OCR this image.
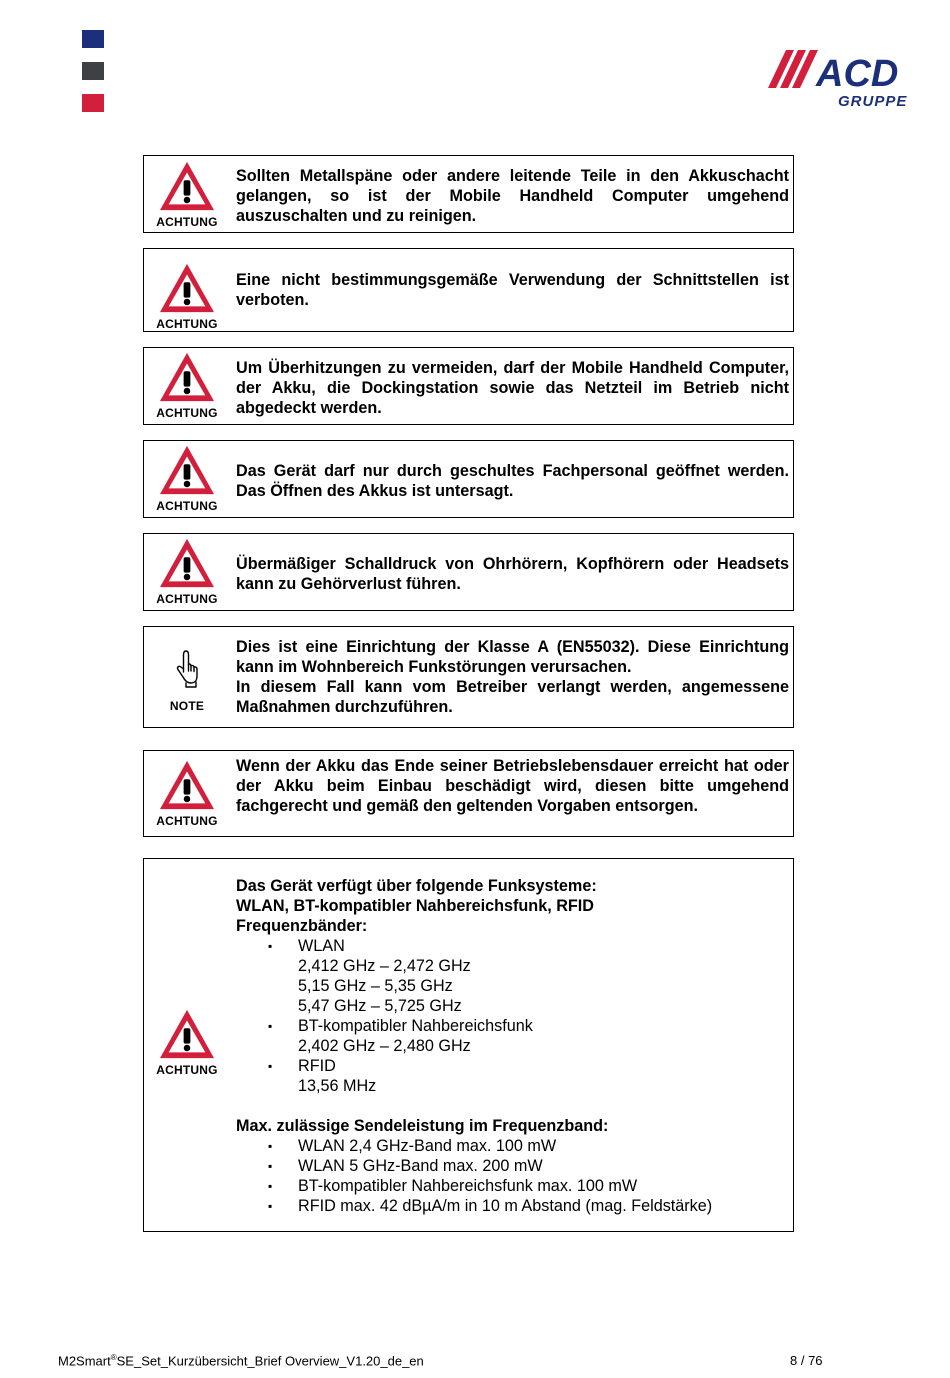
ACD
GRUPPE
ACHTUNG
Sollten Metallspäne oder andere leitende Teile in den Akkuschacht gelangen, so ist der Mobile Handheld Computer umgehend auszuschalten und zu reinigen.
ACHTUNG
Eine nicht bestimmungsgemäße Verwendung der Schnittstellen ist verboten.
ACHTUNG
Um Überhitzungen zu vermeiden, darf der Mobile Handheld Computer, der Akku, die Dockingstation sowie das Netzteil im Betrieb nicht abgedeckt werden.
ACHTUNG
Das Gerät darf nur durch geschultes Fachpersonal geöffnet werden. Das Öffnen des Akkus ist untersagt.
ACHTUNG
Übermäßiger Schalldruck von Ohrhörern, Kopfhörern oder Headsets kann zu Gehörverlust führen.
NOTE

Dies ist eine Einrichtung der Klasse A (EN55032). Diese Einrichtung kann im Wohnbereich Funkstörungen verursachen.

In diesem Fall kann vom Betreiber verlangt werden, angemessene Maßnahmen durchzuführen.

ACHTUNG
Wenn der Akku das Ende seiner Betriebslebensdauer erreicht hat oder der Akku beim Einbau beschädigt wird, diesen bitte umgehend fachgerecht und gemäß den geltenden Vorgaben entsorgen.
ACHTUNG

Das Gerät verfügt über folgende Funksysteme:

WLAN, BT-kompatibler Nahbereichsfunk, RFID

Frequenzbänder:

▪ WLAN
2,412 GHz – 2,472 GHz
5,15 GHz – 5,35 GHz
5,47 GHz – 5,725 GHz
▪ BT-kompatibler Nahbereichsfunk
2,402 GHz – 2,480 GHz
▪ RFID
13,56 MHz

Max. zulässige Sendeleistung im Frequenzband:

▪ WLAN 2,4 GHz-Band max. 100 mW
▪ WLAN 5 GHz-Band max. 200 mW
▪ BT-kompatibler Nahbereichsfunk max. 100 mW
▪ RFID max. 42 dBµA/m in 10 m Abstand (mag. Feldstärke)
M2Smart®SE_Set_Kurzübersicht_Brief Overview_V1.20_de_en	8 / 76
